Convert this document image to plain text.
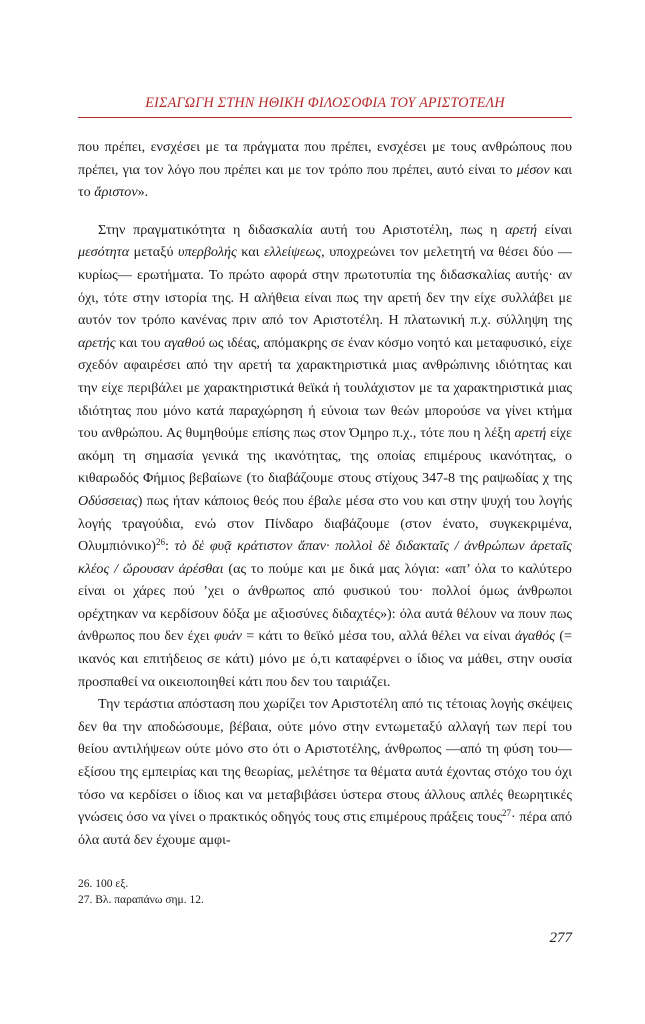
ΕΙΣΑΓΩΓΗ ΣΤΗΝ ΗΘΙΚΗ ΦΙΛΟΣΟΦΙΑ ΤΟΥ ΑΡΙΣΤΟΤΕΛΗ

που πρέπει, ενσχέσει με τα πράγματα που πρέπει, ενσχέσει με τους ανθρώπους που πρέπει, για τον λόγο που πρέπει και με τον τρόπο που πρέπει, αυτό είναι το μέσον και το ἄριστον».

Στην πραγματικότητα η διδασκαλία αυτή του Αριστοτέλη, πως η αρετή είναι μεσότητα μεταξύ υπερβολής και ελλείψεως, υποχρεώνει τον μελετητή να θέσει δύο —κυρίως— ερωτήματα. Το πρώτο αφορά στην πρωτοτυπία της διδασκαλίας αυτής· αν όχι, τότε στην ιστορία της. Η αλήθεια είναι πως την αρετή δεν την είχε συλλάβει με αυτόν τον τρόπο κανένας πριν από τον Αριστοτέλη. Η πλατωνική π.χ. σύλληψη της αρετής και του αγαθού ως ιδέας, απόμακρης σε έναν κόσμο νοητό και μεταφυσικό, είχε σχεδόν αφαιρέσει από την αρετή τα χαρακτηριστικά μιας ανθρώπινης ιδιότητας και την είχε περιβάλει με χαρακτηριστικά θεϊκά ή τουλάχιστον με τα χαρακτηριστικά μιας ιδιότητας που μόνο κατά παραχώρηση ή εύνοια των θεών μπορούσε να γίνει κτήμα του ανθρώπου. Ας θυμηθούμε επίσης πως στον Όμηρο π.χ., τότε που η λέξη αρετή είχε ακόμη τη σημασία γενικά της ικανότητας, της οποίας επιμέρους ικανότητας, ο κιθαρωδός Φήμιος βεβαίωνε (το διαβάζουμε στους στίχους 347-8 της ραψωδίας χ της Οδύσσειας) πως ήταν κάποιος θεός που έβαλε μέσα στο νου και στην ψυχή του λογής λογής τραγούδια, ενώ στον Πίνδαρο διαβάζουμε (στον ένατο, συγκεκριμένα, Ολυμπιόνικο)$^{26}$: τὸ δὲ φυᾷ κράτιστον ἅπαν· πολλοὶ δὲ διδακταῖς / ἀνθρώπων ἀρεταῖς κλέος / ὤρουσαν ἀρέσθαι (ας το πούμε και με δικά μας λόγια: «απ’ όλα το καλύτερο είναι οι χάρες πού ’χει ο άνθρωπος από φυσικού του· πολλοί όμως άνθρωποι ορέχτηκαν να κερδίσουν δόξα με αξιοσύνες διδαχτές»): όλα αυτά θέλουν να πουν πως άνθρωπος που δεν έχει φυάν = κάτι το θεϊκό μέσα του, αλλά θέλει να είναι ἀγαθός (= ικανός και επιτήδειος σε κάτι) μόνο με ό,τι καταφέρνει ο ίδιος να μάθει, στην ουσία προσπαθεί να οικειοποιηθεί κάτι που δεν του ταιριάζει.

Την τεράστια απόσταση που χωρίζει τον Αριστοτέλη από τις τέτοιας λογής σκέψεις δεν θα την αποδώσουμε, βέβαια, ούτε μόνο στην εντωμεταξύ αλλαγή των περί του θείου αντιλήψεων ούτε μόνο στο ότι ο Αριστοτέλης, άνθρωπος —από τη φύση του— εξίσου της εμπειρίας και της θεωρίας, μελέτησε τα θέματα αυτά έχοντας στόχο του όχι τόσο να κερδίσει ο ίδιος και να μεταβιβάσει ύστερα στους άλλους απλές θεωρητικές γνώσεις όσο να γίνει ο πρακτικός οδηγός τους στις επιμέρους πράξεις τους$^{27}$· πέρα από όλα αυτά δεν έχουμε αμφι-

26. 100 εξ.
27. Βλ. παραπάνω σημ. 12.
277
